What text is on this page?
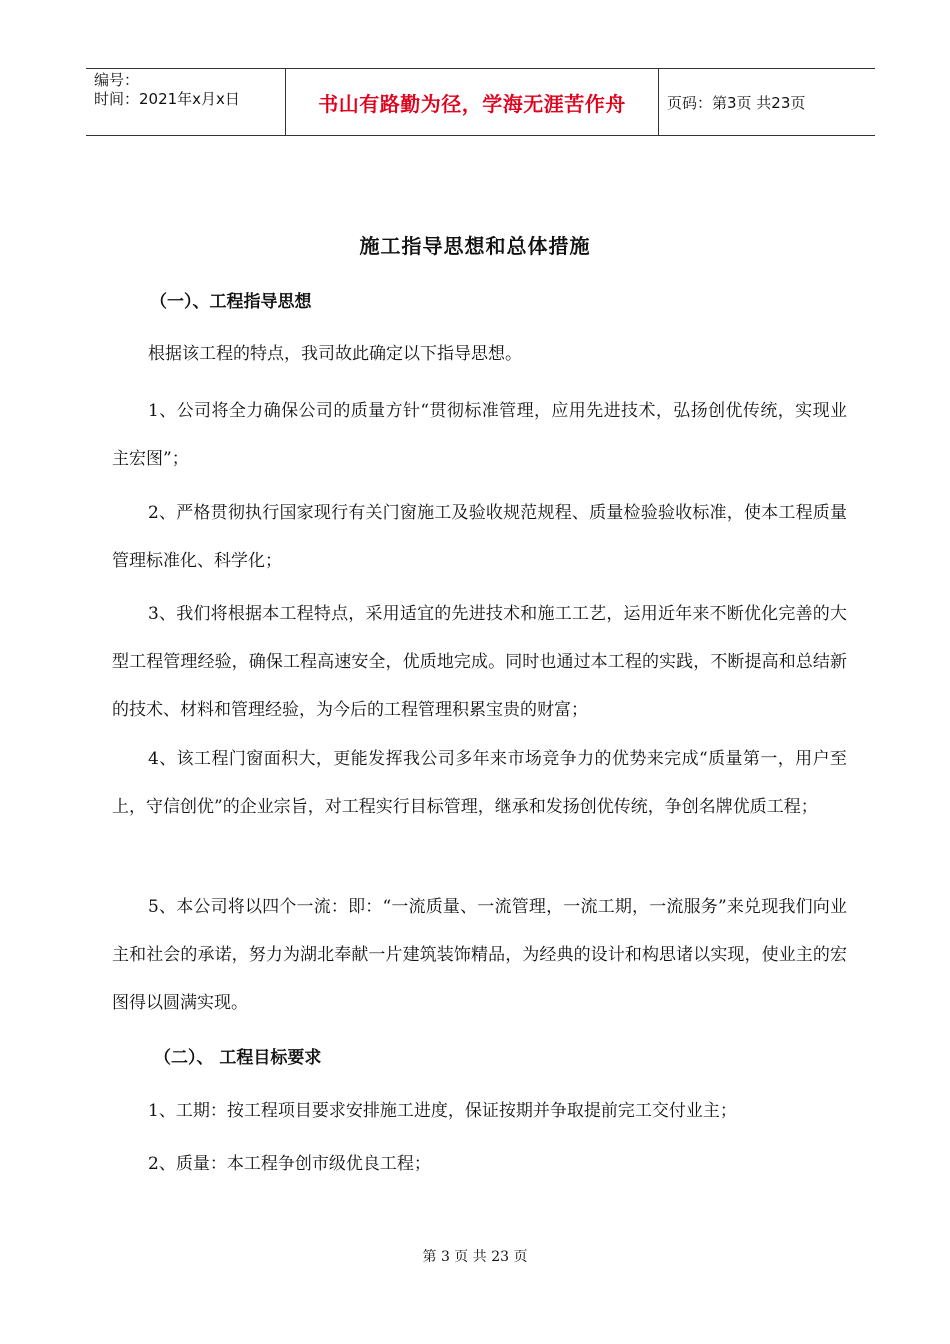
编号：
时间：2021年x月x日	书山有路勤为径，学海无涯苦作舟	页码：第3页 共23页
施工指导思想和总体措施
（一）、工程指导思想

根据该工程的特点，我司故此确定以下指导思想。

1、公司将全力确保公司的质量方针“贯彻标准管理，应用先进技术，弘扬创优传统，实现业主宏图”；

2、严格贯彻执行国家现行有关门窗施工及验收规范规程、质量检验验收标准，使本工程质量管理标准化、科学化；

3、我们将根据本工程特点，采用适宜的先进技术和施工工艺，运用近年来不断优化完善的大型工程管理经验，确保工程高速安全，优质地完成。同时也通过本工程的实践，不断提高和总结新的技术、材料和管理经验，为今后的工程管理积累宝贵的财富；

4、该工程门窗面积大，更能发挥我公司多年来市场竞争力的优势来完成“质量第一，用户至上，守信创优”的企业宗旨，对工程实行目标管理，继承和发扬创优传统，争创名牌优质工程；

5、本公司将以四个一流：即：“一流质量、一流管理，一流工期，一流服务”来兑现我们向业主和社会的承诺，努力为湖北奉献一片建筑装饰精品，为经典的设计和构思诸以实现，使业主的宏图得以圆满实现。

（二）、 工程目标要求

1、工期：按工程项目要求安排施工进度，保证按期并争取提前完工交付业主；

2、质量：本工程争创市级优良工程；

第 3 页 共 23 页
